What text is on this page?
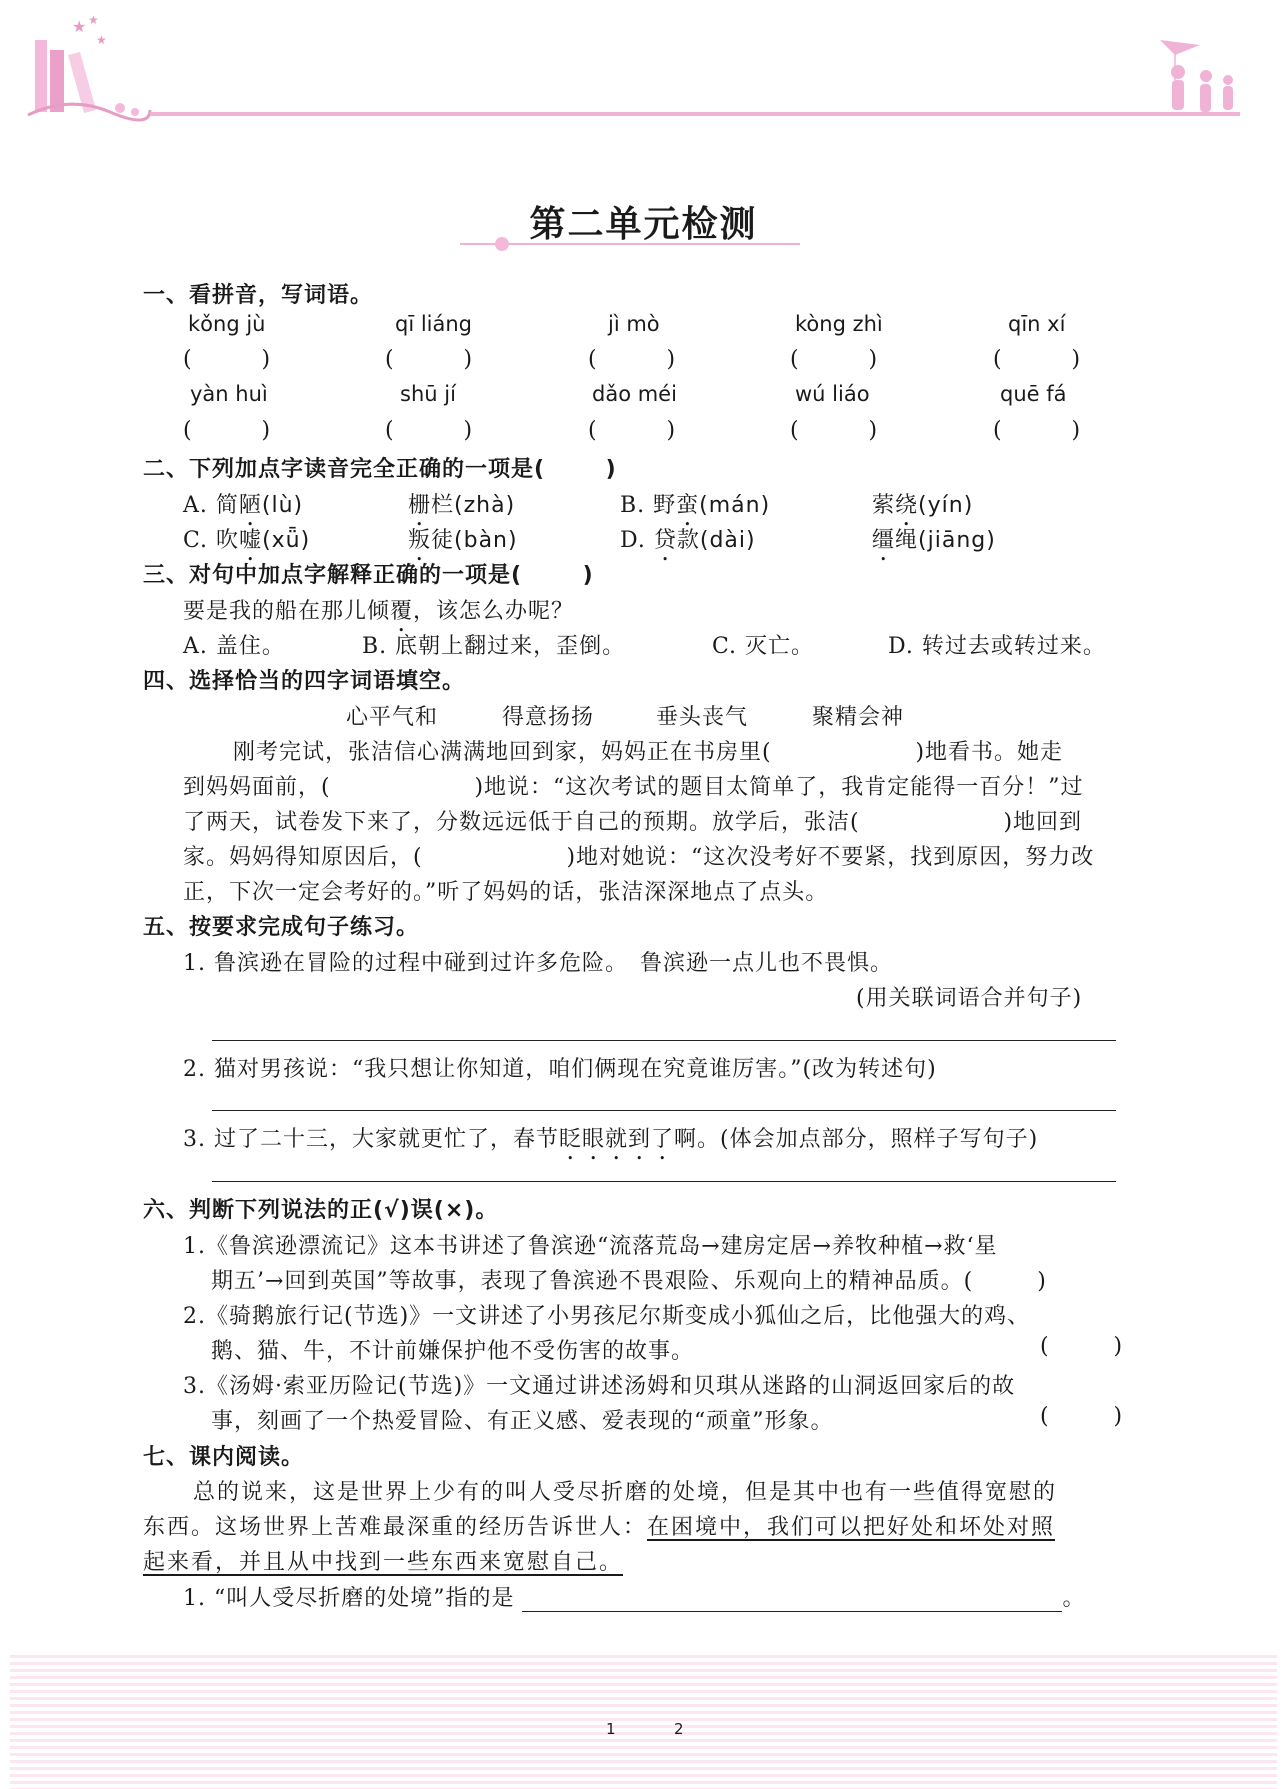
★ ★
★
第二单元检测
一、看拼音，写词语。
kǒng jù	qī liáng	jì mò	kòng zhì	qīn xí
(          )	(          )	(          )	(          )	(          )
yàn huì	shū jí	dǎo méi	wú liáo	quē fá
(          )	(          )	(          )	(          )	(          )
二、下列加点字读音完全正确的一项是(       )
A. 简陋(lù)	栅栏(zhà)	B. 野蛮(mán)	萦绕(yín)
C. 吹嘘(xǖ)	叛徒(bàn)	D. 贷款(dài)	缰绳(jiāng)
三、对句中加点字解释正确的一项是(       )
要是我的船在那儿倾覆，该怎么办呢？
A. 盖住。	B. 底朝上翻过来，歪倒。	C. 灭亡。	D. 转过去或转过来。
四、选择恰当的四字词语填空。
心平气和	得意扬扬	垂头丧气	聚精会神
刚考完试，张洁信心满满地回到家，妈妈正在书房里(                  )地看书。她走
到妈妈面前，(                  )地说：“这次考试的题目太简单了，我肯定能得一百分！”过
了两天，试卷发下来了，分数远远低于自己的预期。放学后，张洁(                  )地回到
家。妈妈得知原因后，(                  )地对她说：“这次没考好不要紧，找到原因，努力改
正，下次一定会考好的。”听了妈妈的话，张洁深深地点了点头。
五、按要求完成句子练习。
1. 鲁滨逊在冒险的过程中碰到过许多危险。　鲁滨逊一点儿也不畏惧。
(用关联词语合并句子)
2. 猫对男孩说：“我只想让你知道，咱们俩现在究竟谁厉害。”(改为转述句)
3. 过了二十三，大家就更忙了，春节眨眼就到了啊。(体会加点部分，照样子写句子)
六、判断下列说法的正(√)误(×)。
1.《鲁滨逊漂流记》这本书讲述了鲁滨逊“流落荒岛→建房定居→养牧种植→救‘星
期五’→回到英国”等故事，表现了鲁滨逊不畏艰险、乐观向上的精神品质。(        )
2.《骑鹅旅行记(节选)》一文讲述了小男孩尼尔斯变成小狐仙之后，比他强大的鸡、
鹅、猫、牛，不计前嫌保护他不受伤害的故事。	(        )
3.《汤姆·索亚历险记(节选)》一文通过讲述汤姆和贝琪从迷路的山洞返回家后的故
事，刻画了一个热爱冒险、有正义感、爱表现的“顽童”形象。	(        )
七、课内阅读。
总的说来，这是世界上少有的叫人受尽折磨的处境，但是其中也有一些值得宽慰的
东西。这场世界上苦难最深重的经历告诉世人：在困境中，我们可以把好处和坏处对照
起来看，并且从中找到一些东西来宽慰自己。
1. “叫人受尽折磨的处境”指的是	。
1	2
